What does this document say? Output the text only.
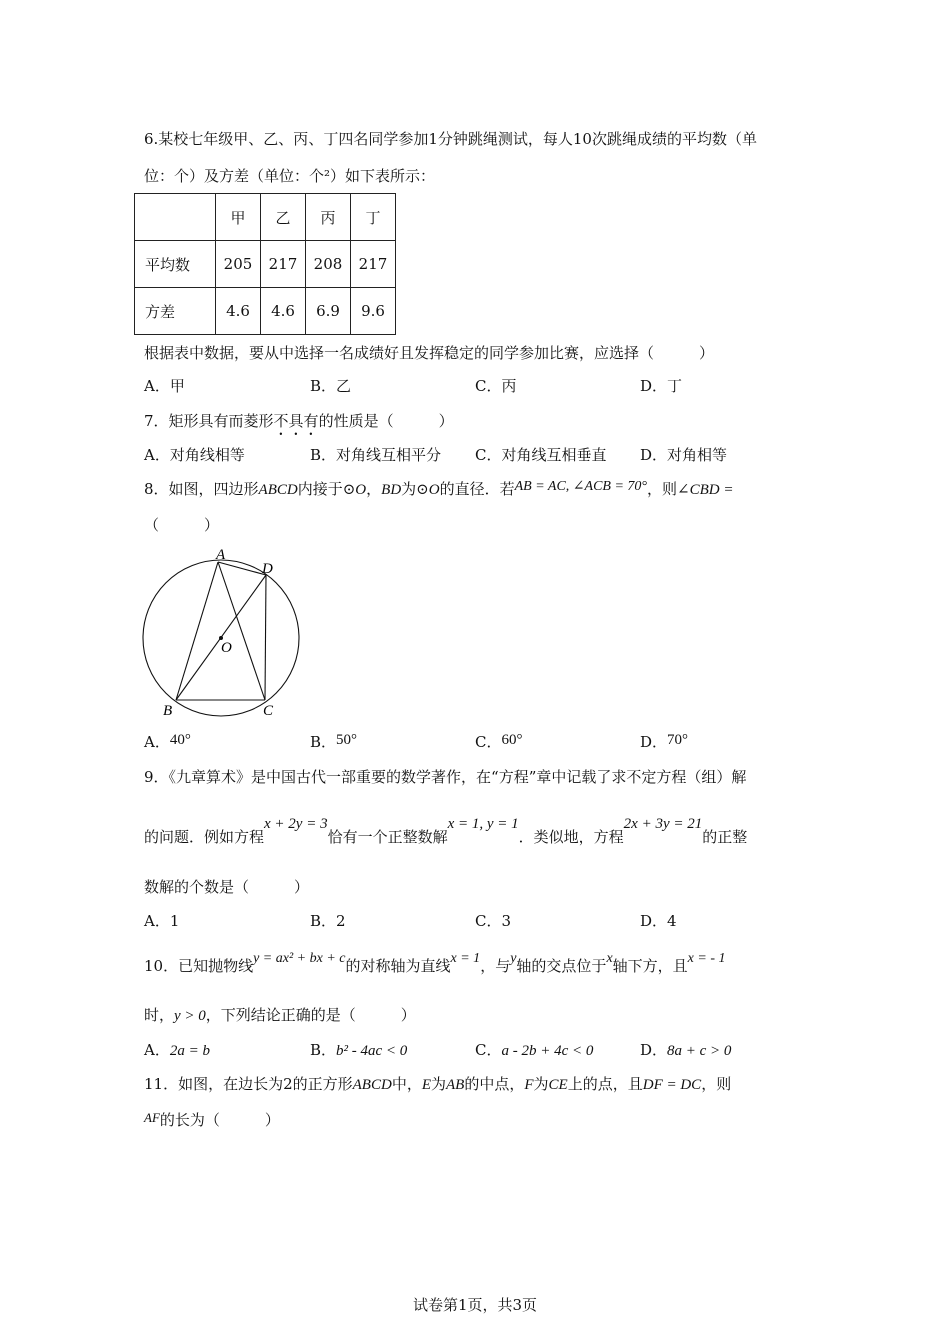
6.某校七年级甲、乙、丙、丁四名同学参加1分钟跳绳测试，每人10次跳绳成绩的平均数（单
位：个）及方差（单位：个²）如下表所示：
	甲	乙	丙	丁
平均数	205	217	208	217
方差	4.6	4.6	6.9	9.6
根据表中数据，要从中选择一名成绩好且发挥稳定的同学参加比赛，应选择（　　　）
A．甲	B．乙	C．丙	D．丁
7．矩形具有而菱形不具有的性质是（　　　）
A．对角线相等	B．对角线互相平分 C．对角线互相垂直 D．对角相等
8．如图，四边形ABCD内接于⊙O，BD为⊙O的直径．若AB = AC, ∠ACB = 70°，则∠CBD =
（　　　）
A
D
O
B	C
A．40°	B．50°	C．60°	D．70°
9．《九章算术》是中国古代一部重要的数学著作，在“方程”章中记载了求不定方程（组）解
的问题．例如方程x + 2y = 3恰有一个正整数解x = 1, y = 1．类似地，方程2x + 3y = 21的正整
数解的个数是（　　　）
A．1	B．2	C．3	D．4
10．已知抛物线y = ax² + bx + c的对称轴为直线x = 1，与y轴的交点位于x轴下方，且x = - 1
时，y > 0，下列结论正确的是（　　　）
A．2a = b	B．b² - 4ac < 0	C．a - 2b + 4c < 0	D．8a + c > 0
11．如图，在边长为2的正方形ABCD中，E为AB的中点，F为CE上的点，且DF = DC，则
AF的长为（　　　）
试卷第1页，共3页
